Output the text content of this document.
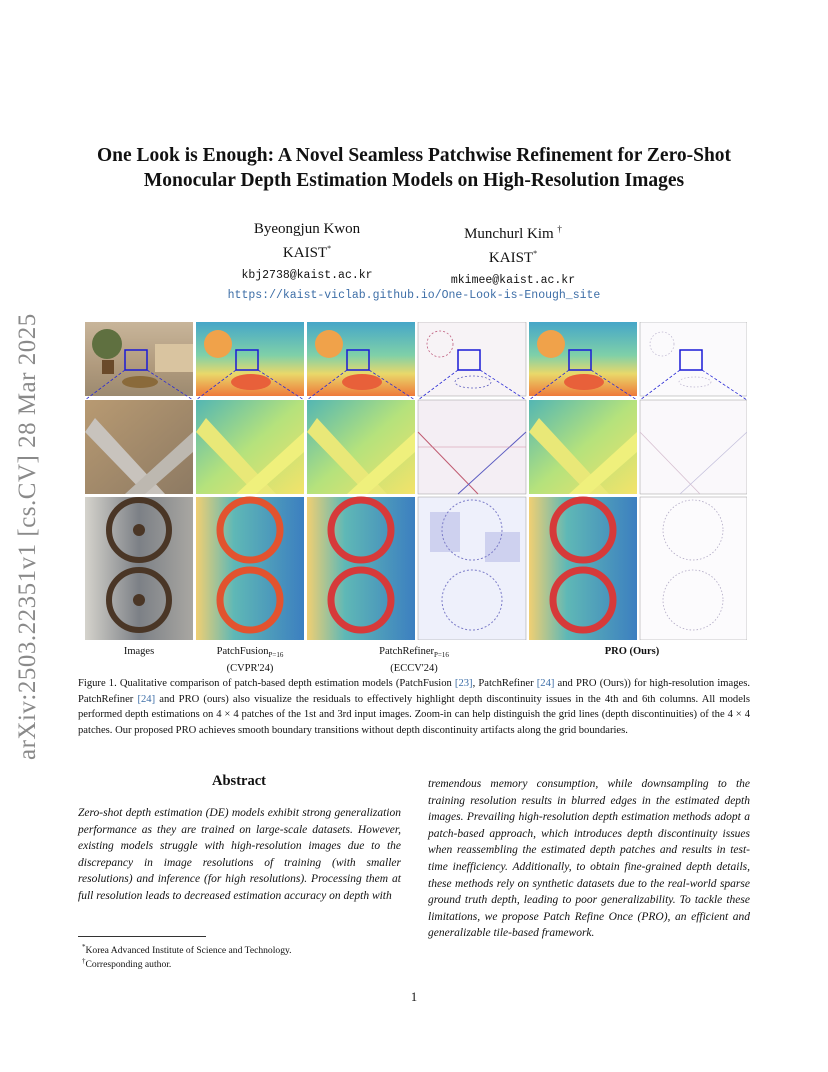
arXiv:2503.22351v1 [cs.CV] 28 Mar 2025
One Look is Enough: A Novel Seamless Patchwise Refinement for Zero-Shot
Monocular Depth Estimation Models on High-Resolution Images
Byeongjun Kwon
KAIST*
kbj2738@kaist.ac.kr
Munchurl Kim †
KAIST*
mkimee@kaist.ac.kr
https://kaist-viclab.github.io/One-Look-is-Enough_site
Images	PatchFusion$_{P=16}$
(CVPR'24)
PatchRefiner$_{P=16}$
(ECCV'24)
PRO (Ours)
Figure 1. Qualitative comparison of patch-based depth estimation models (PatchFusion [23], PatchRefiner [24] and PRO (Ours)) for high-resolution images. PatchRefiner [24] and PRO (ours) also visualize the residuals to effectively highlight depth discontinuity issues in the 4th and 6th columns. All models performed depth estimations on 4 × 4 patches of the 1st and 3rd input images. Zoom-in can help distinguish the grid lines (depth discontinuities) of the 4 × 4 patches. Our proposed PRO achieves smooth boundary transitions without depth discontinuity artifacts along the grid boundaries.
Abstract
Zero-shot depth estimation (DE) models exhibit strong generalization performance as they are trained on large-scale datasets. However, existing models struggle with high-resolution images due to the discrepancy in image resolutions of training (with smaller resolutions) and inference (for high resolutions). Processing them at full resolution leads to decreased estimation accuracy on depth with
tremendous memory consumption, while downsampling to the training resolution results in blurred edges in the estimated depth images. Prevailing high-resolution depth estimation methods adopt a patch-based approach, which introduces depth discontinuity issues when reassembling the estimated depth patches and results in test-time inefficiency. Additionally, to obtain fine-grained depth details, these methods rely on synthetic datasets due to the real-world sparse ground truth depth, leading to poor generalizability. To tackle these limitations, we propose Patch Refine Once (PRO), an efficient and generalizable tile-based framework.
*Korea Advanced Institute of Science and Technology.
†Corresponding author.
1
